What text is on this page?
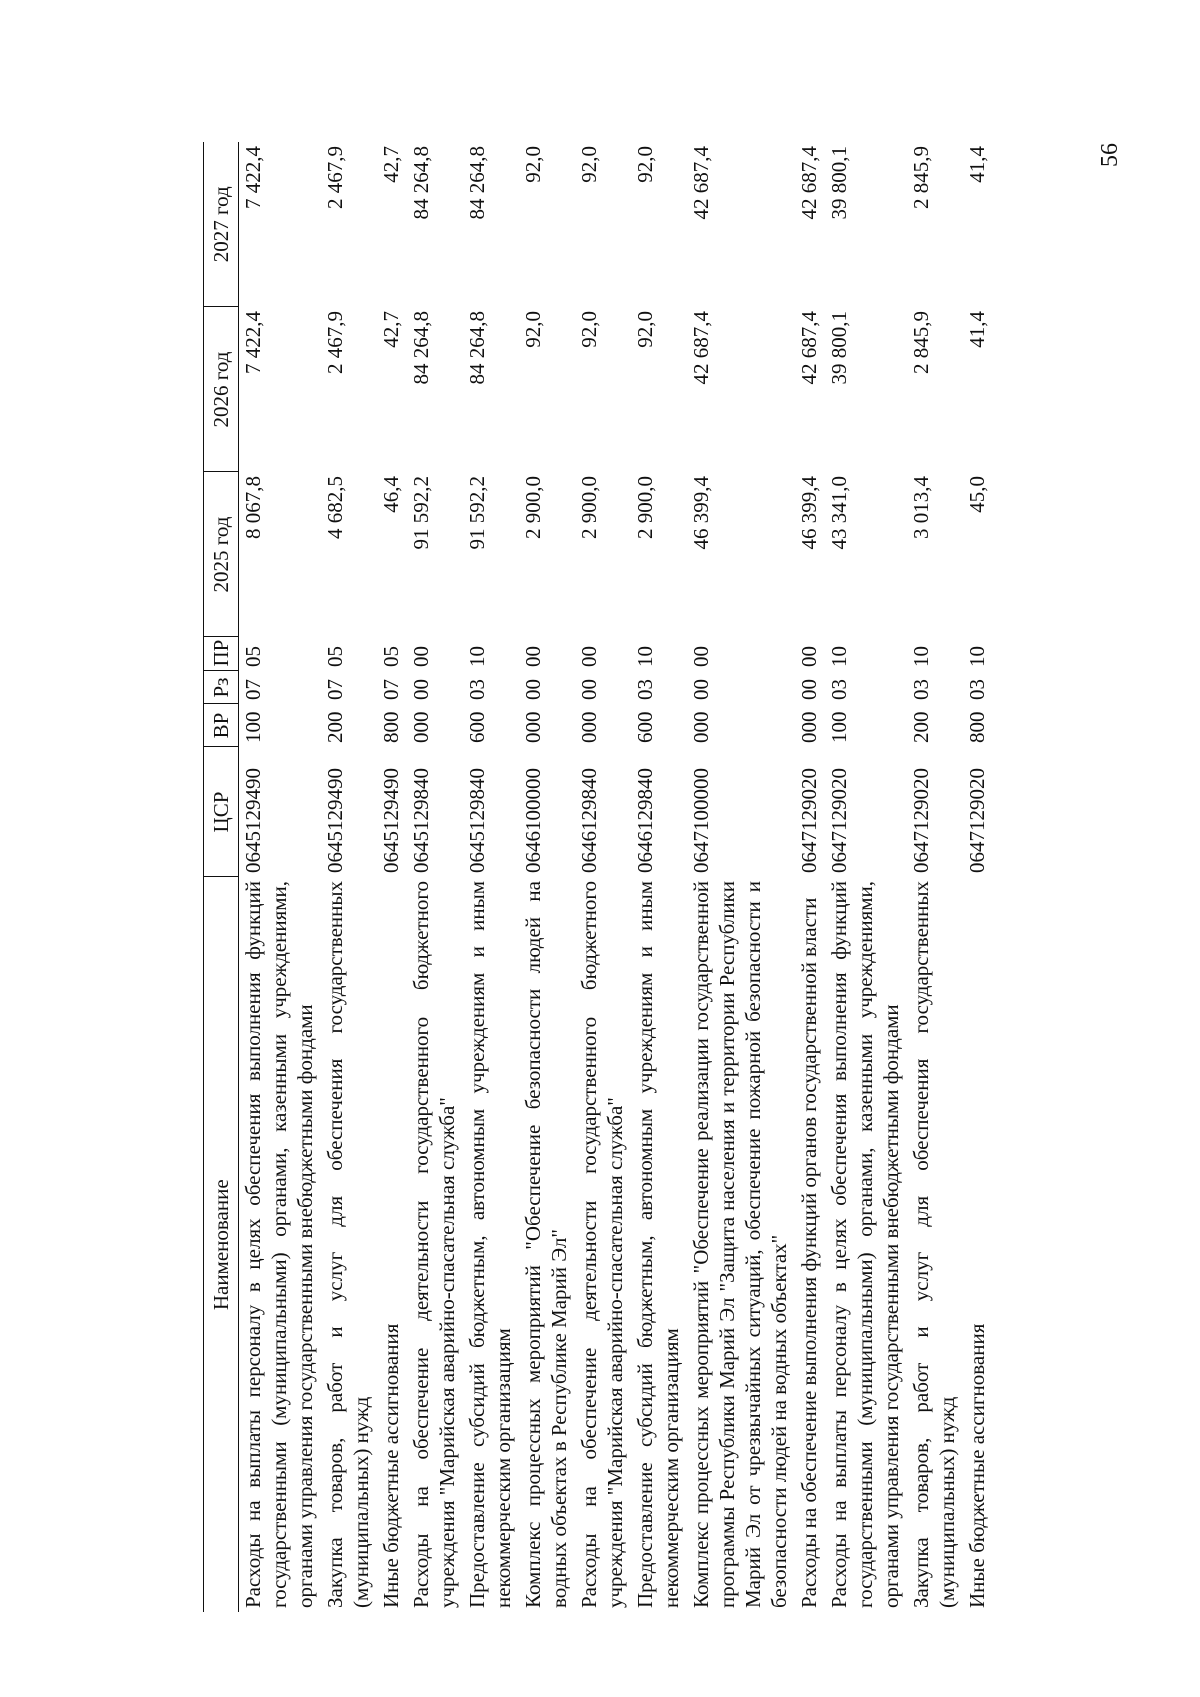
56
Наименование	ЦСР	ВР	Рз	ПР	2025 год	2026 год	2027 год
Расходы на выплаты персоналу в целях обеспечения выполнения функций государственными (муниципальными) органами, казенными учреждениями, органами управления государственными внебюджетными фондами	0645129490	100	07	05	8 067,8	7 422,4	7 422,4
Закупка товаров, работ и услуг для обеспечения государственных (муниципальных) нужд	0645129490	200	07	05	4 682,5	2 467,9	2 467,9
Иные бюджетные ассигнования	0645129490	800	07	05	46,4	42,7	42,7
Расходы на обеспечение деятельности государственного бюджетного учреждения "Марийская аварийно-спасательная служба"	0645129840	000	00	00	91 592,2	84 264,8	84 264,8
Предоставление субсидий бюджетным, автономным учреждениям и иным некоммерческим организациям	0645129840	600	03	10	91 592,2	84 264,8	84 264,8
Комплекс процессных мероприятий "Обеспечение безопасности людей на водных объектах в Республике Марий Эл"	0646100000	000	00	00	2 900,0	92,0	92,0
Расходы на обеспечение деятельности государственного бюджетного учреждения "Марийская аварийно-спасательная служба"	0646129840	000	00	00	2 900,0	92,0	92,0
Предоставление субсидий бюджетным, автономным учреждениям и иным некоммерческим организациям	0646129840	600	03	10	2 900,0	92,0	92,0
Комплекс процессных мероприятий "Обеспечение реализации государственной программы Республики Марий Эл "Защита населения и территории Республики Марий Эл от чрезвычайных ситуаций, обеспечение пожарной безопасности и безопасности людей на водных объектах"	0647100000	000	00	00	46 399,4	42 687,4	42 687,4
Расходы на обеспечение выполнения функций органов государственной власти	0647129020	000	00	00	46 399,4	42 687,4	42 687,4
Расходы на выплаты персоналу в целях обеспечения выполнения функций государственными (муниципальными) органами, казенными учреждениями, органами управления государственными внебюджетными фондами	0647129020	100	03	10	43 341,0	39 800,1	39 800,1
Закупка товаров, работ и услуг для обеспечения государственных (муниципальных) нужд	0647129020	200	03	10	3 013,4	2 845,9	2 845,9
Иные бюджетные ассигнования	0647129020	800	03	10	45,0	41,4	41,4
